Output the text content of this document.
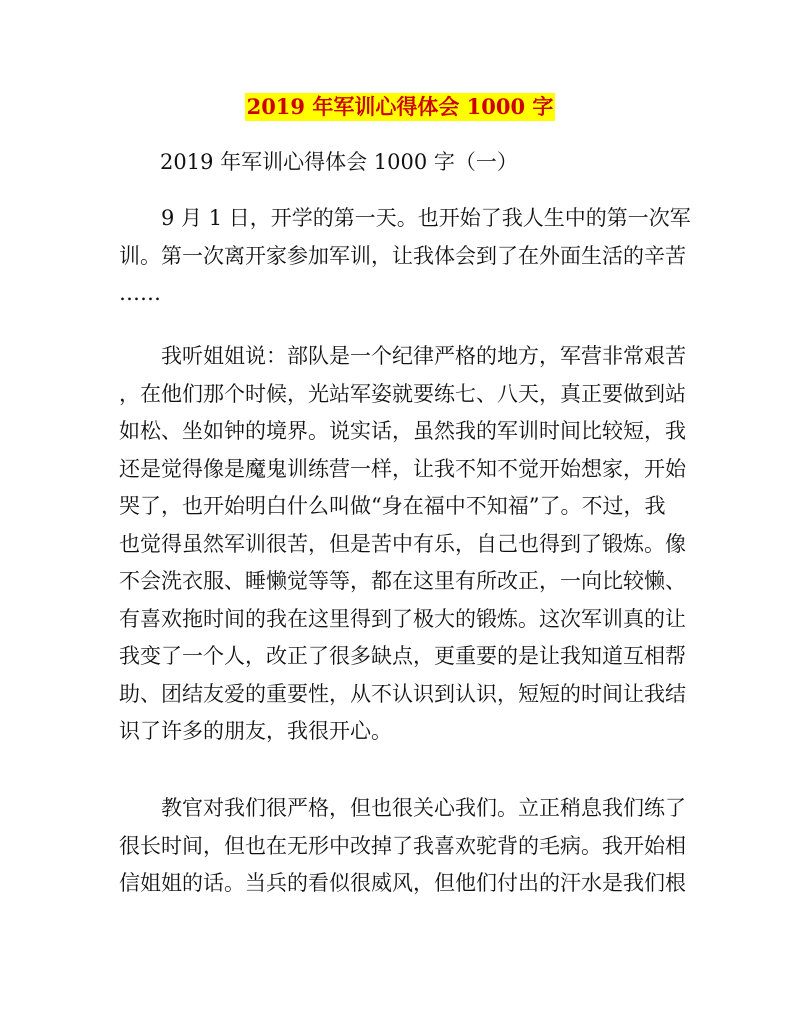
2019 年军训心得体会 1000 字
2019 年军训心得体会 1000 字（一）
9 月 1 日，开学的第一天。也开始了我人生中的第一次军
训。第一次离开家参加军训，让我体会到了在外面生活的辛苦
……
我听姐姐说：部队是一个纪律严格的地方，军营非常艰苦
，在他们那个时候，光站军姿就要练七、八天，真正要做到站
如松、坐如钟的境界。说实话，虽然我的军训时间比较短，我
还是觉得像是魔鬼训练营一样，让我不知不觉开始想家，开始
哭了，也开始明白什么叫做“身在福中不知福”了。不过，我
也觉得虽然军训很苦，但是苦中有乐，自己也得到了锻炼。像
不会洗衣服、睡懒觉等等，都在这里有所改正，一向比较懒、
有喜欢拖时间的我在这里得到了极大的锻炼。这次军训真的让
我变了一个人，改正了很多缺点，更重要的是让我知道互相帮
助、团结友爱的重要性，从不认识到认识，短短的时间让我结
识了许多的朋友，我很开心。
教官对我们很严格，但也很关心我们。立正稍息我们练了
很长时间，但也在无形中改掉了我喜欢驼背的毛病。我开始相
信姐姐的话。当兵的看似很威风，但他们付出的汗水是我们根
